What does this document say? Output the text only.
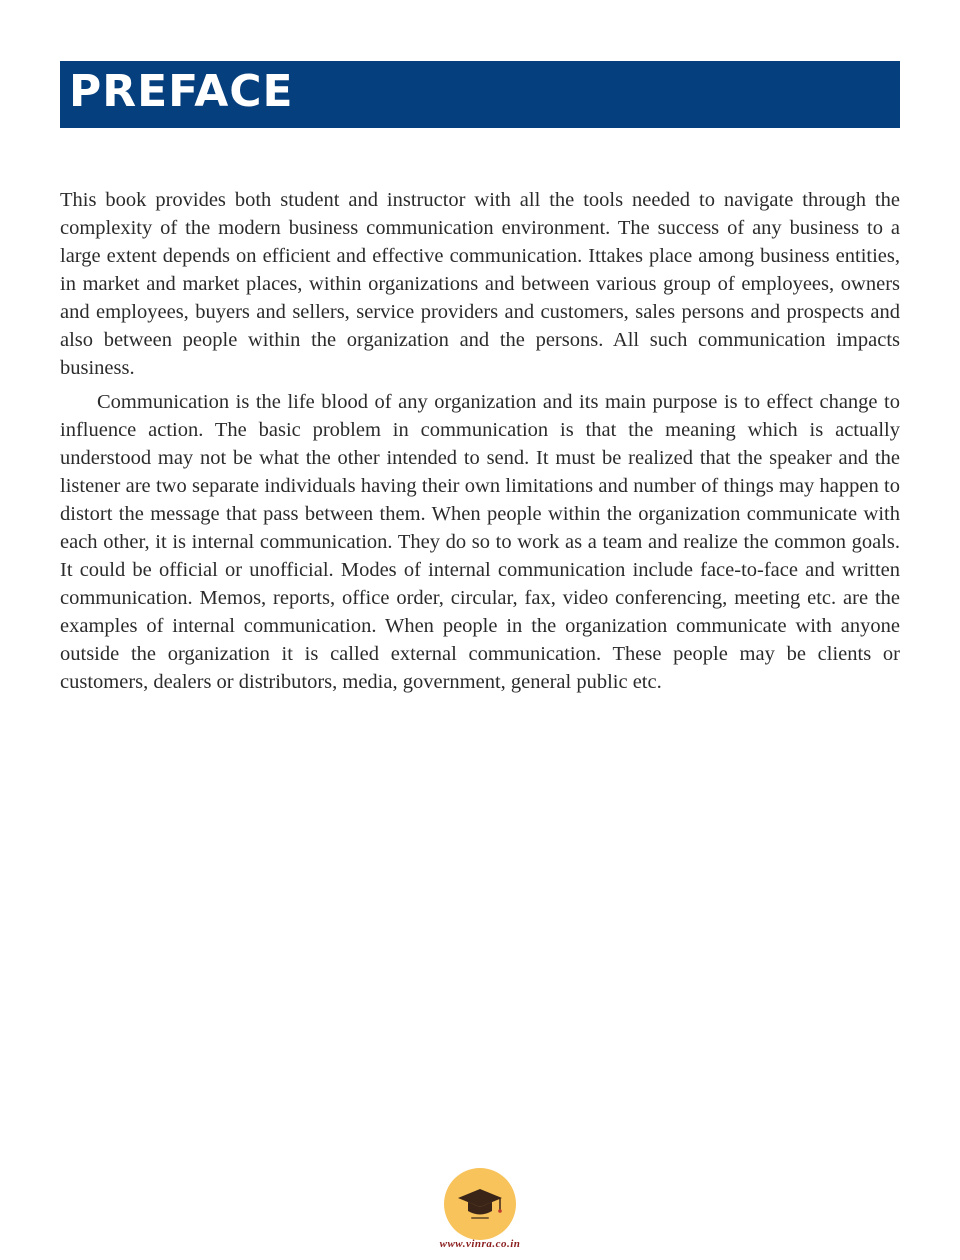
PREFACE

This book provides both student and instructor with all the tools needed to navigate through the complexity of the modern business communication environment. The success of any business to a large extent depends on efficient and effective communication. Ittakes place among business entities, in market and market places, within organizations and between various group of employees, owners and employees, buyers and sellers, service providers and customers, sales persons and prospects and also between people within the organization and the persons. All such communication impacts business.

Communication is the life blood of any organization and its main purpose is to effect change to influence action. The basic problem in communication is that the meaning which is actually understood may not be what the other intended to send. It must be realized that the speaker and the listener are two separate individuals having their own limitations and number of things may happen to distort the message that pass between them. When people within the organization communicate with each other, it is internal communication. They do so to work as a team and realize the common goals. It could be official or unofficial. Modes of internal communication include face-to-face and written communication. Memos, reports, office order, circular, fax, video conferencing, meeting etc. are the examples of internal communication. When people in the organization communicate with anyone outside the organization it is called external communication. These people may be clients or customers, dealers or distributors, media, government, general public etc.

www.vinra.co.in
